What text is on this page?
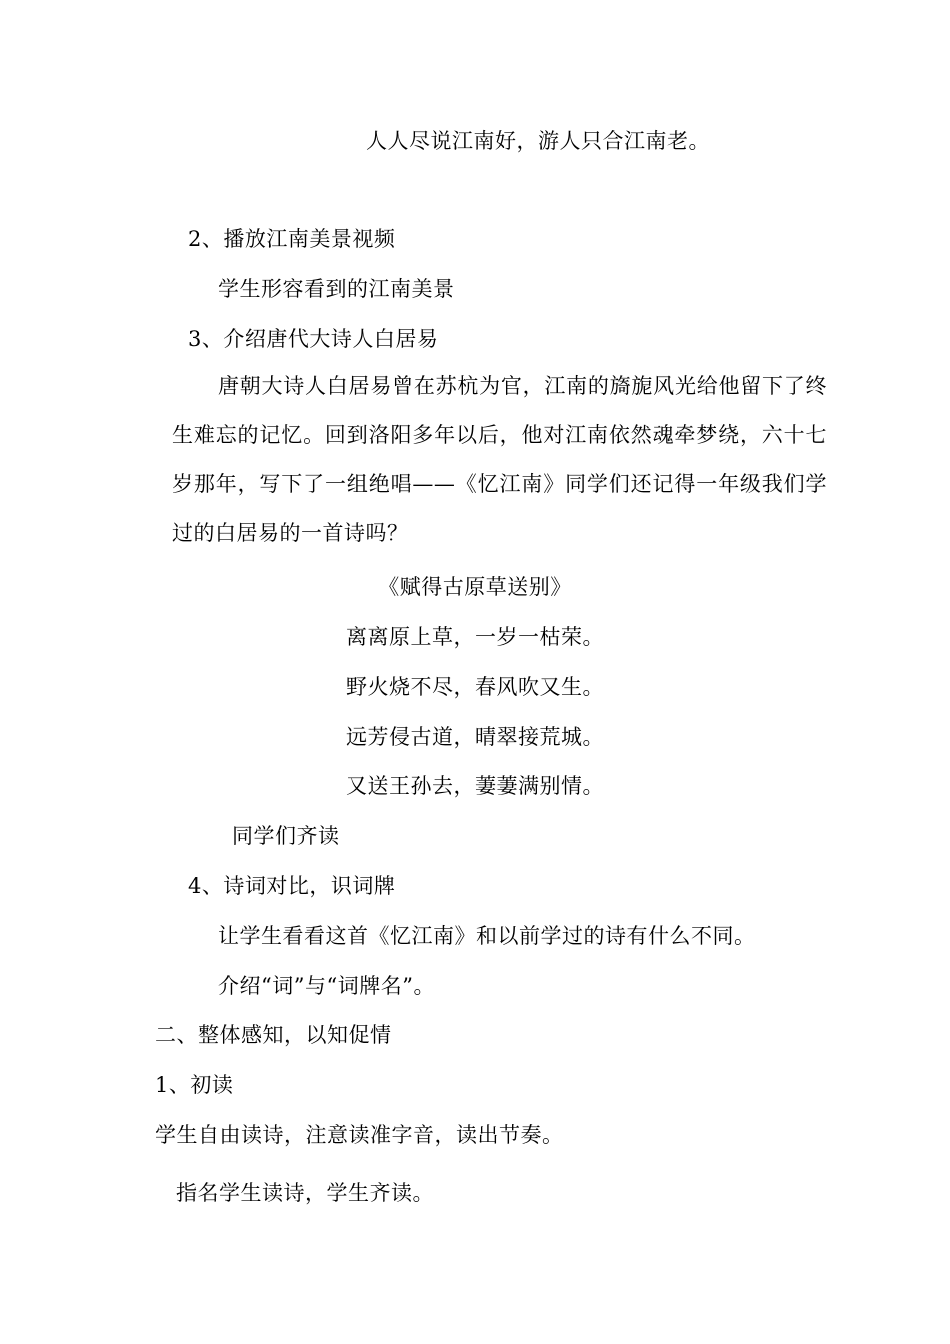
人人尽说江南好，游人只合江南老。
2、播放江南美景视频
学生形容看到的江南美景
3、介绍唐代大诗人白居易
唐朝大诗人白居易曾在苏杭为官，江南的旖旎风光给他留下了终生难忘的记忆。回到洛阳多年以后，他对江南依然魂牵梦绕，六十七岁那年，写下了一组绝唱——《忆江南》同学们还记得一年级我们学过的白居易的一首诗吗？
《赋得古原草送别》
离离原上草，一岁一枯荣。
野火烧不尽，春风吹又生。
远芳侵古道，晴翠接荒城。
又送王孙去，萋萋满别情。
同学们齐读
4、诗词对比，识词牌
让学生看看这首《忆江南》和以前学过的诗有什么不同。
介绍“词”与“词牌名”。
二、整体感知，以知促情
1、初读
学生自由读诗，注意读准字音，读出节奏。
指名学生读诗，学生齐读。
